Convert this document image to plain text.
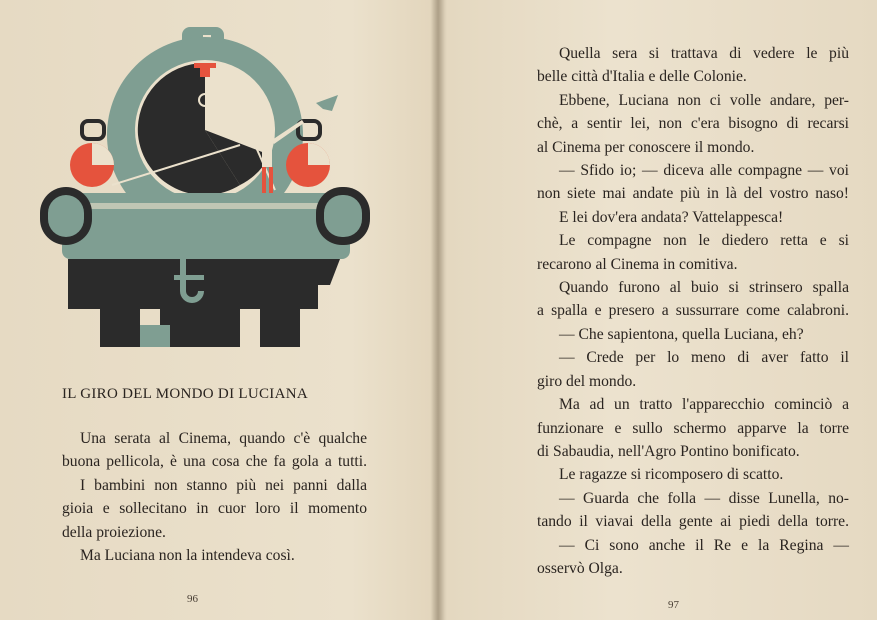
IL GIRO DEL MONDO DI LUCIANA
Una serata al Cinema, quando c'è qualche
buona pellicola, è una cosa che fa gola a tutti.
I bambini non stanno più nei panni dalla
gioia e sollecitano in cuor loro il momento
della proiezione.
Ma Luciana non la intendeva così.
96
Quella sera si trattava di vedere le più
belle città d'Italia e delle Colonie.
Ebbene, Luciana non ci volle andare, per-
chè, a sentir lei, non c'era bisogno di recarsi
al Cinema per conoscere il mondo.
— Sfido io; — diceva alle compagne — voi
non siete mai andate più in là del vostro naso!
E lei dov'era andata? Vattelappesca!
Le compagne non le diedero retta e si
recarono al Cinema in comitiva.
Quando furono al buio si strinsero spalla
a spalla e presero a sussurrare come calabroni.
— Che sapientona, quella Luciana, eh?
— Crede per lo meno di aver fatto il
giro del mondo.
Ma ad un tratto l'apparecchio cominciò a
funzionare e sullo schermo apparve la torre
di Sabaudia, nell'Agro Pontino bonificato.
Le ragazze si ricomposero di scatto.
— Guarda che folla — disse Lunella, no-
tando il viavai della gente ai piedi della torre.
— Ci sono anche il Re e la Regina —
osservò Olga.
97
